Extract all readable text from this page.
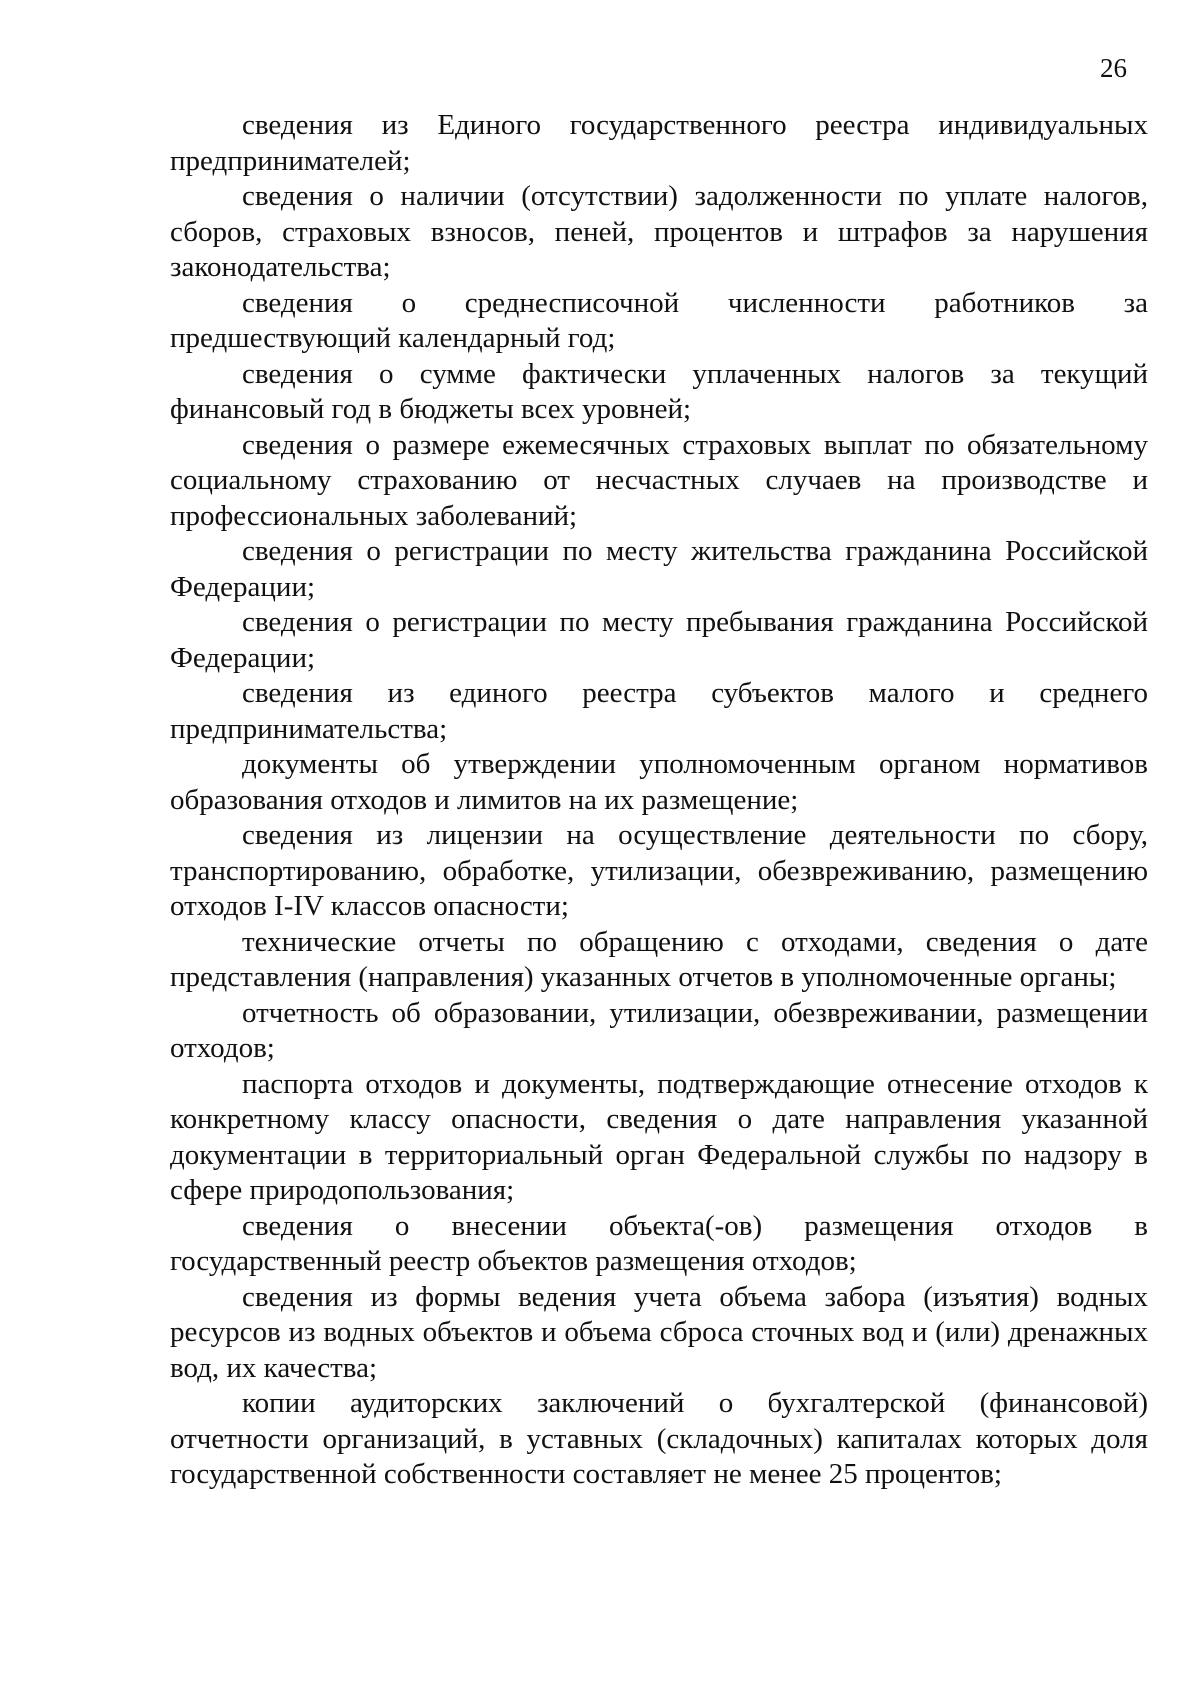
26

сведения из Единого государственного реестра индивидуальных предпринимателей;

сведения о наличии (отсутствии) задолженности по уплате налогов, сборов, страховых взносов, пеней, процентов и штрафов за нарушения законодательства;

сведения о среднесписочной численности работников за предшествующий календарный год;

сведения о сумме фактически уплаченных налогов за текущий финансовый год в бюджеты всех уровней;

сведения о размере ежемесячных страховых выплат по обязательному социальному страхованию от несчастных случаев на производстве и профессиональных заболеваний;

сведения о регистрации по месту жительства гражданина Российской Федерации;

сведения о регистрации по месту пребывания гражданина Российской Федерации;

сведения из единого реестра субъектов малого и среднего предпринимательства;

документы об утверждении уполномоченным органом нормативов образования отходов и лимитов на их размещение;

сведения из лицензии на осуществление деятельности по сбору, транспортированию, обработке, утилизации, обезвреживанию, размещению отходов I-IV классов опасности;

технические отчеты по обращению с отходами, сведения о дате представления (направления) указанных отчетов в уполномоченные органы;

отчетность об образовании, утилизации, обезвреживании, размещении отходов;

паспорта отходов и документы, подтверждающие отнесение отходов к конкретному классу опасности, сведения о дате направления указанной документации в территориальный орган Федеральной службы по надзору в сфере природопользования;

сведения о внесении объекта(-ов) размещения отходов в государственный реестр объектов размещения отходов;

сведения из формы ведения учета объема забора (изъятия) водных ресурсов из водных объектов и объема сброса сточных вод и (или) дренажных вод, их качества;

копии аудиторских заключений о бухгалтерской (финансовой) отчетности организаций, в уставных (складочных) капиталах которых доля государственной собственности составляет не менее 25 процентов;
